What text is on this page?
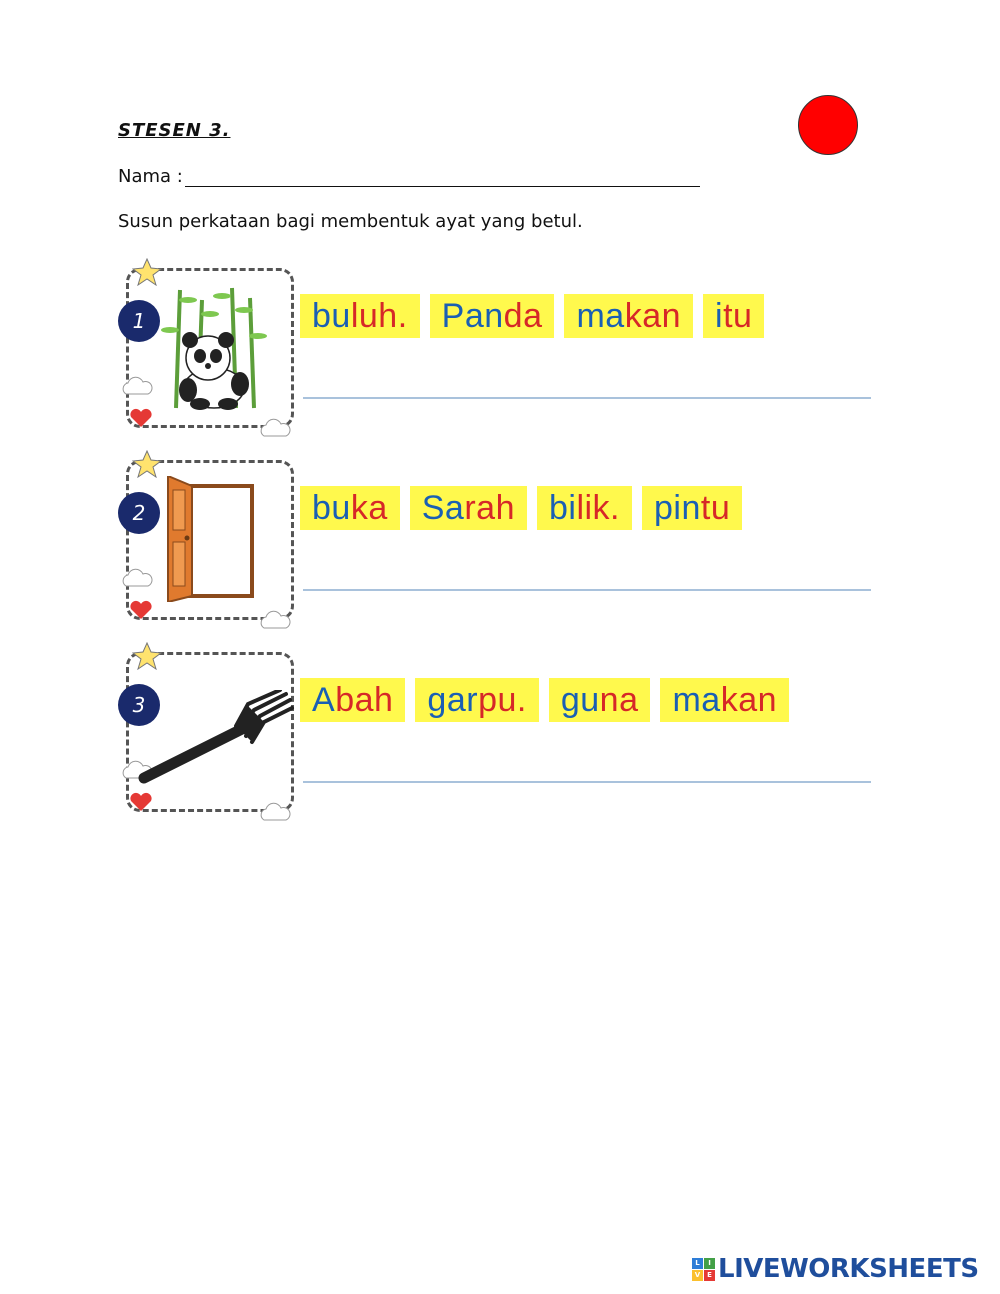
STESEN 3.
Nama :
Susun perkataan bagi membentuk ayat yang betul.
1	buluh.	Panda	makan	itu
2	buka	Sarah	bilik.	pintu
3	Abah	garpu.	guna	makan
L	I
V E LIVEWORKSHEETS
